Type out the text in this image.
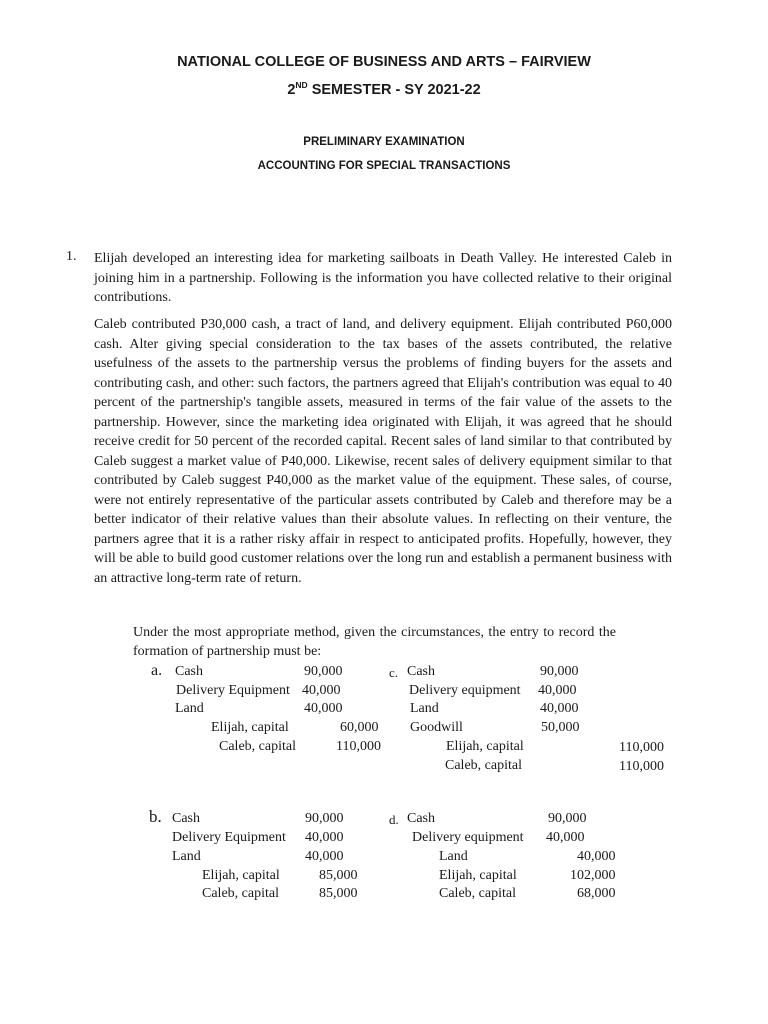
NATIONAL COLLEGE OF BUSINESS AND ARTS – FAIRVIEW
2ND SEMESTER - SY 2021-22
PRELIMINARY EXAMINATION
ACCOUNTING FOR SPECIAL TRANSACTIONS
1. Elijah developed an interesting idea for marketing sailboats in Death Valley. He interested Caleb in joining him in a partnership. Following is the information you have collected relative to their original contributions.

Caleb contributed P30,000 cash, a tract of land, and delivery equipment. Elijah contributed P60,000 cash. Alter giving special consideration to the tax bases of the assets contributed, the relative usefulness of the assets to the partnership versus the problems of finding buyers for the assets and contributing cash, and other: such factors, the partners agreed that Elijah's contribution was equal to 40 percent of the partnership's tangible assets, measured in terms of the fair value of the assets to the partnership. However, since the marketing idea originated with Elijah, it was agreed that he should receive credit for 50 percent of the recorded capital. Recent sales of land similar to that contributed by Caleb suggest a market value of P40,000. Likewise, recent sales of delivery equipment similar to that contributed by Caleb suggest P40,000 as the market value of the equipment. These sales, of course, were not entirely representative of the particular assets contributed by Caleb and therefore may be a better indicator of their relative values than their absolute values. In reflecting on their venture, the partners agree that it is a rather risky affair in respect to anticipated profits. Hopefully, however, they will be able to build good customer relations over the long run and establish a permanent business with an attractive long-term rate of return.

Under the most appropriate method, given the circumstances, the entry to record the formation of partnership must be:

a. Cash	90,000
Delivery Equipment 40,000
Land	40,000
Elijah, capital	60,000
Caleb, capital	110,000
c. Cash	90,000
Delivery equipment 40,000
Land	40,000
Goodwill	50,000
Elijah, capital	110,000
Caleb, capital	110,000
b. Cash	90,000
Delivery Equipment 40,000
Land	40,000
Elijah, capital	85,000
Caleb, capital	85,000
d. Cash	90,000
Delivery equipment 40,000
Land	40,000
Elijah, capital	102,000
Caleb, capital	68,000
